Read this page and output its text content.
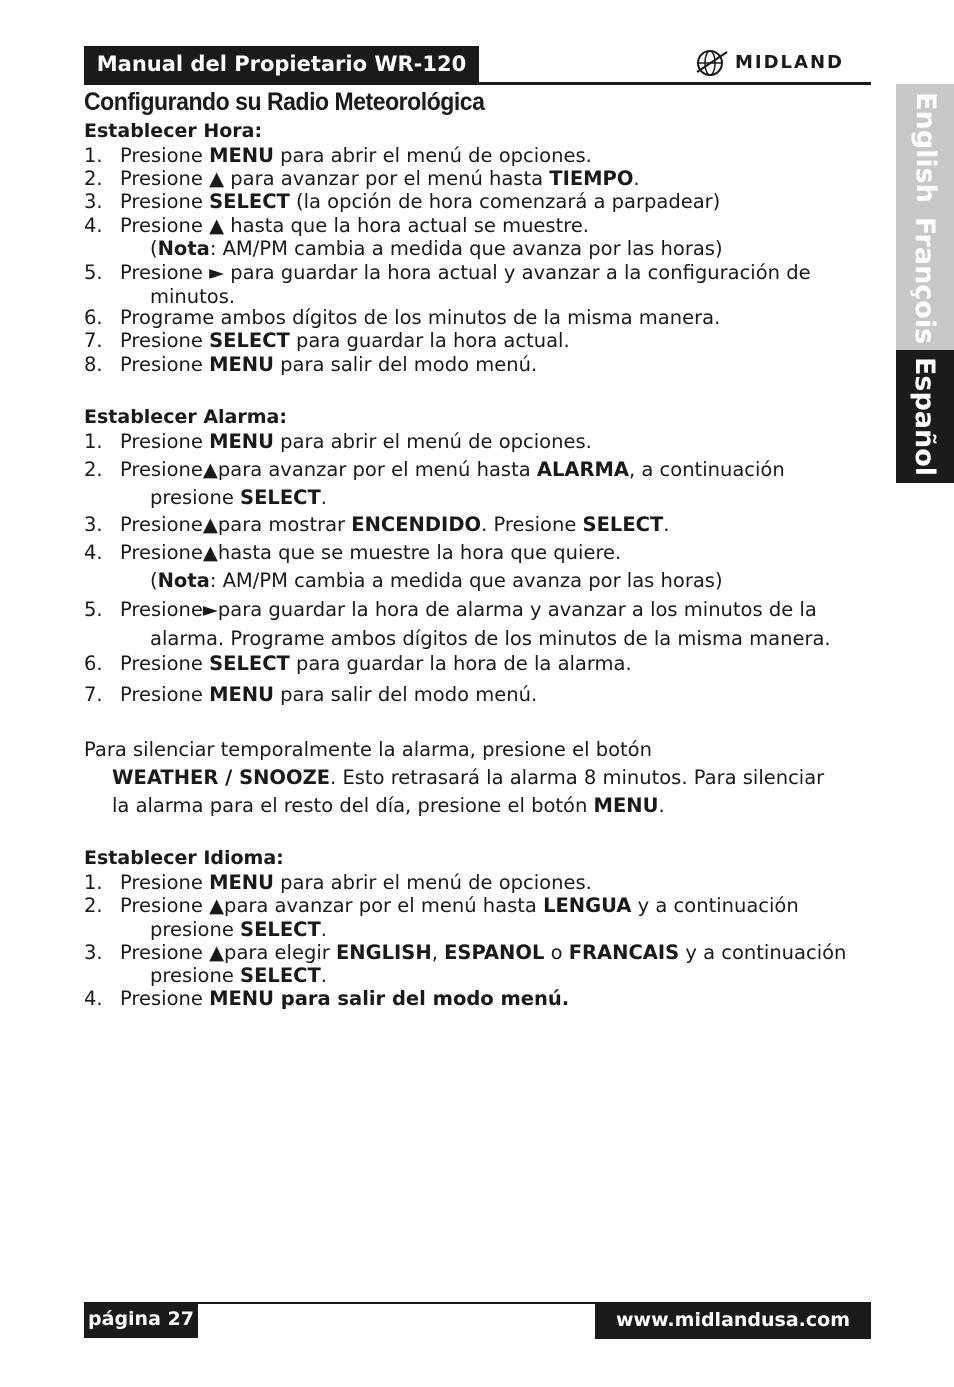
Manual del Propietario WR-120	MIDLAND
English
François
Español
Configurando su Radio Meteorológica
Establecer Hora:
1. Presione MENU para abrir el menú de opciones.
2. Presione ▲ para avanzar por el menú hasta TIEMPO.
3. Presione SELECT (la opción de hora comenzará a parpadear)
4. Presione ▲ hasta que la hora actual se muestre.
(Nota: AM/PM cambia a medida que avanza por las horas)
5. Presione ► para guardar la hora actual y avanzar a la configuración de
minutos.
6. Programe ambos dígitos de los minutos de la misma manera.
7. Presione SELECT para guardar la hora actual.
8. Presione MENU para salir del modo menú.
Establecer Alarma:
1. Presione MENU para abrir el menú de opciones.
2. Presione▲para avanzar por el menú hasta ALARMA, a continuación
presione SELECT.
3. Presione▲para mostrar ENCENDIDO. Presione SELECT.
4. Presione▲hasta que se muestre la hora que quiere.
(Nota: AM/PM cambia a medida que avanza por las horas)
5. Presione►para guardar la hora de alarma y avanzar a los minutos de la
alarma. Programe ambos dígitos de los minutos de la misma manera.
6. Presione SELECT para guardar la hora de la alarma.
7. Presione MENU para salir del modo menú.
Para silenciar temporalmente la alarma, presione el botón
WEATHER / SNOOZE. Esto retrasará la alarma 8 minutos. Para silenciar
la alarma para el resto del día, presione el botón MENU.
Establecer Idioma:
1. Presione MENU para abrir el menú de opciones.
2. Presione ▲para avanzar por el menú hasta LENGUA y a continuación
presione SELECT.
3. Presione ▲para elegir ENGLISH, ESPANOL o FRANCAIS y a continuación
presione SELECT.
4. Presione MENU para salir del modo menú.
página 27	www.midlandusa.com
